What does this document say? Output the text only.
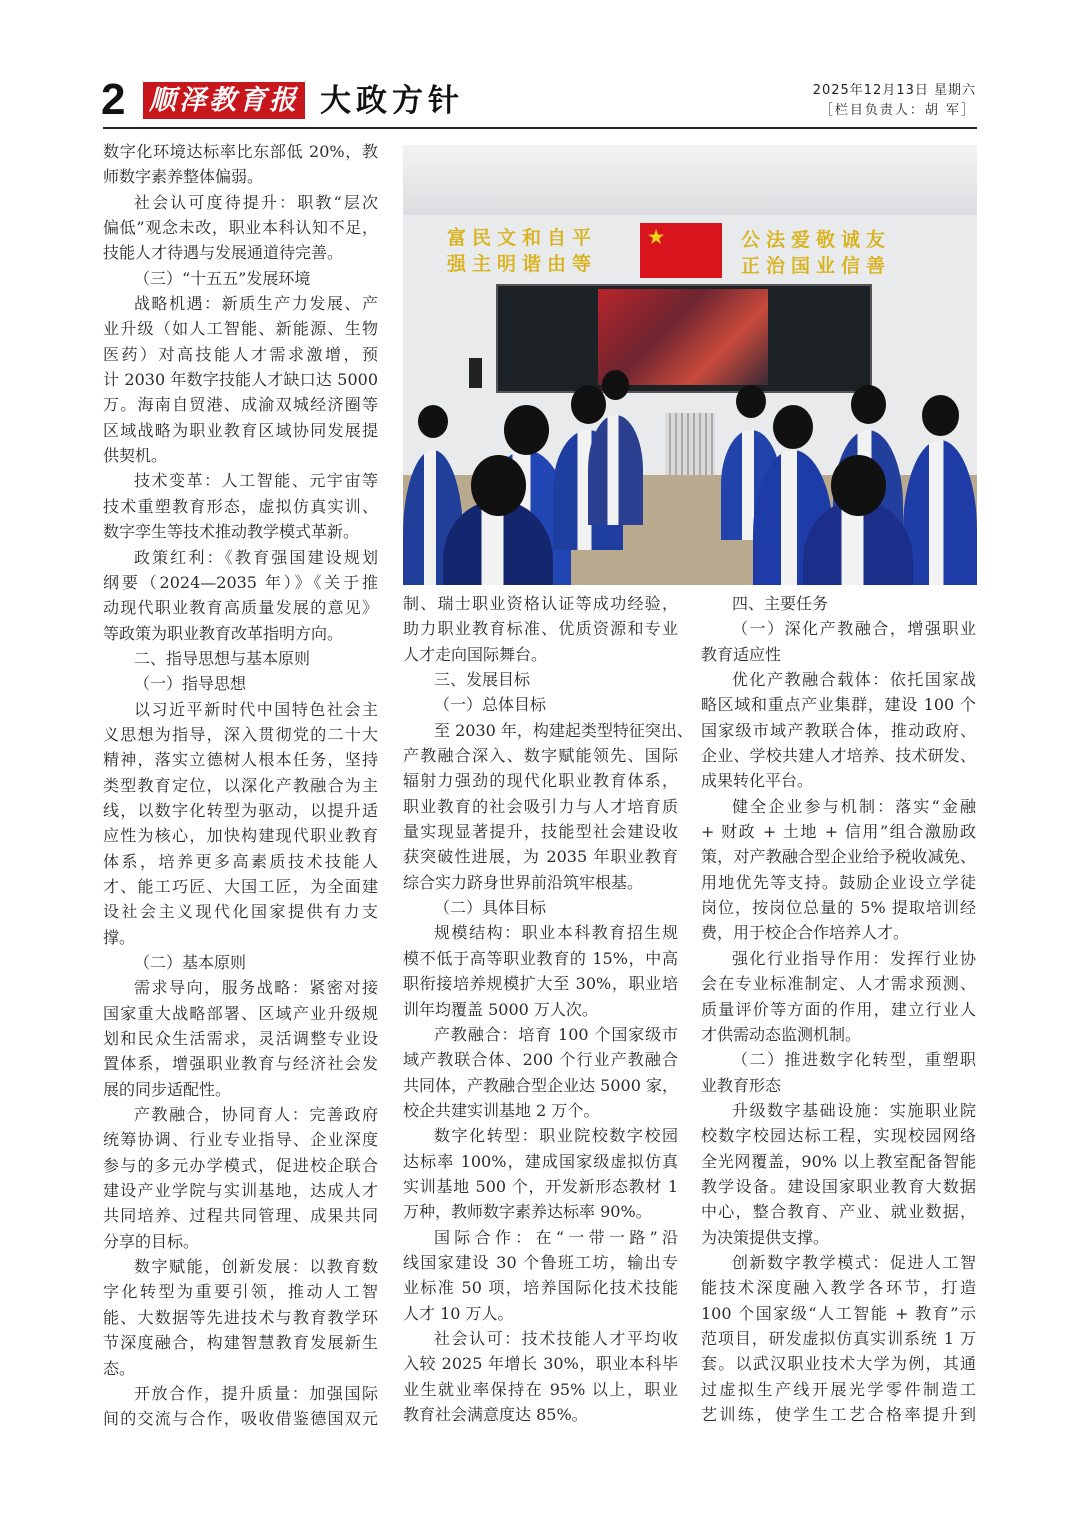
2 顺泽教育报 大政方针	2025年12月13日 星期六
［栏目负责人：胡 军］
富民文和自平
强主明谐由等
★	公法爱敬诚友
正治国业信善
数字化环境达标率比东部低 20%，教
师数字素养整体偏弱。
社会认可度待提升：职教“层次
偏低”观念未改，职业本科认知不足，
技能人才待遇与发展通道待完善。
（三）“十五五”发展环境
战略机遇：新质生产力发展、产
业升级（如人工智能、新能源、生物
医药）对高技能人才需求激增，预
计 2030 年数字技能人才缺口达 5000
万。海南自贸港、成渝双城经济圈等
区域战略为职业教育区域协同发展提
供契机。
技术变革：人工智能、元宇宙等
技术重塑教育形态，虚拟仿真实训、
数字孪生等技术推动教学模式革新。
政策红利：《教育强国建设规划
纲要（2024—2035 年）》《关于推
动现代职业教育高质量发展的意见》
等政策为职业教育改革指明方向。
二、指导思想与基本原则
（一）指导思想
以习近平新时代中国特色社会主
义思想为指导，深入贯彻党的二十大
精神，落实立德树人根本任务，坚持
类型教育定位，以深化产教融合为主
线，以数字化转型为驱动，以提升适
应性为核心，加快构建现代职业教育
体系，培养更多高素质技术技能人
才、能工巧匠、大国工匠，为全面建
设社会主义现代化国家提供有力支
撑。
（二）基本原则
需求导向，服务战略：紧密对接
国家重大战略部署、区域产业升级规
划和民众生活需求，灵活调整专业设
置体系，增强职业教育与经济社会发
展的同步适配性。
产教融合，协同育人：完善政府
统筹协调、行业专业指导、企业深度
参与的多元办学模式，促进校企联合
建设产业学院与实训基地，达成人才
共同培养、过程共同管理、成果共同
分享的目标。
数字赋能，创新发展：以教育数
字化转型为重要引领，推动人工智
能、大数据等先进技术与教育教学环
节深度融合，构建智慧教育发展新生
态。
开放合作，提升质量：加强国际
间的交流与合作，吸收借鉴德国双元
制、瑞士职业资格认证等成功经验，
助力职业教育标准、优质资源和专业
人才走向国际舞台。
三、发展目标
（一）总体目标
至 2030 年，构建起类型特征突出、
产教融合深入、数字赋能领先、国际
辐射力强劲的现代化职业教育体系，
职业教育的社会吸引力与人才培育质
量实现显著提升，技能型社会建设收
获突破性进展，为 2035 年职业教育
综合实力跻身世界前沿筑牢根基。
（二）具体目标
规模结构：职业本科教育招生规
模不低于高等职业教育的 15%，中高
职衔接培养规模扩大至 30%，职业培
训年均覆盖 5000 万人次。
产教融合：培育 100 个国家级市
域产教联合体、200 个行业产教融合
共同体，产教融合型企业达 5000 家，
校企共建实训基地 2 万个。
数字化转型：职业院校数字校园
达标率 100%，建成国家级虚拟仿真
实训基地 500 个，开发新形态教材 1
万种，教师数字素养达标率 90%。
国际合作：在“一带一路”沿
线国家建设 30 个鲁班工坊，输出专
业标准 50 项，培养国际化技术技能
人才 10 万人。
社会认可：技术技能人才平均收
入较 2025 年增长 30%，职业本科毕
业生就业率保持在 95% 以上，职业
教育社会满意度达 85%。
四、主要任务
（一）深化产教融合，增强职业
教育适应性
优化产教融合载体：依托国家战
略区域和重点产业集群，建设 100 个
国家级市域产教联合体，推动政府、
企业、学校共建人才培养、技术研发、
成果转化平台。
健全企业参与机制：落实“金融
+ 财政 + 土地 + 信用”组合激励政
策，对产教融合型企业给予税收减免、
用地优先等支持。鼓励企业设立学徒
岗位，按岗位总量的 5% 提取培训经
费，用于校企合作培养人才。
强化行业指导作用：发挥行业协
会在专业标准制定、人才需求预测、
质量评价等方面的作用，建立行业人
才供需动态监测机制。
（二）推进数字化转型，重塑职
业教育形态
升级数字基础设施：实施职业院
校数字校园达标工程，实现校园网络
全光网覆盖，90% 以上教室配备智能
教学设备。建设国家职业教育大数据
中心，整合教育、产业、就业数据，
为决策提供支撑。
创新数字教学模式：促进人工智
能技术深度融入教学各环节，打造
100 个国家级“人工智能 + 教育”示
范项目，研发虚拟仿真实训系统 1 万
套。以武汉职业技术大学为例，其通
过虚拟生产线开展光学零件制造工
艺训练，使学生工艺合格率提升到
